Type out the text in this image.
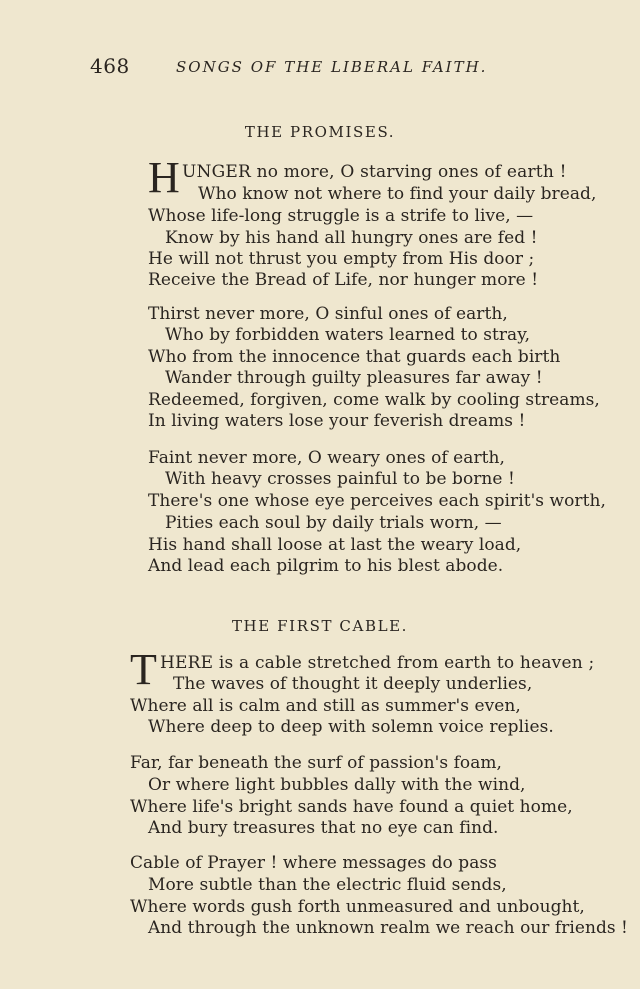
468	SONGS OF THE LIBERAL FAITH.
THE PROMISES.
H UNGER no more, O starving ones of earth !
Who know not where to find your daily bread,
Whose life-long struggle is a strife to live, —
Know by his hand all hungry ones are fed !
He will not thrust you empty from His door ;
Receive the Bread of Life, nor hunger more !
Thirst never more, O sinful ones of earth,
Who by forbidden waters learned to stray,
Who from the innocence that guards each birth
Wander through guilty pleasures far away !
Redeemed, forgiven, come walk by cooling streams,
In living waters lose your feverish dreams !
Faint never more, O weary ones of earth,
With heavy crosses painful to be borne !
There's one whose eye perceives each spirit's worth,
Pities each soul by daily trials worn, —
His hand shall loose at last the weary load,
And lead each pilgrim to his blest abode.
THE FIRST CABLE.
T HERE is a cable stretched from earth to heaven ;
The waves of thought it deeply underlies,
Where all is calm and still as summer's even,
Where deep to deep with solemn voice replies.
Far, far beneath the surf of passion's foam,
Or where light bubbles dally with the wind,
Where life's bright sands have found a quiet home,
And bury treasures that no eye can find.
Cable of Prayer ! where messages do pass
More subtle than the electric fluid sends,
Where words gush forth unmeasured and unbought,
And through the unknown realm we reach our friends !
